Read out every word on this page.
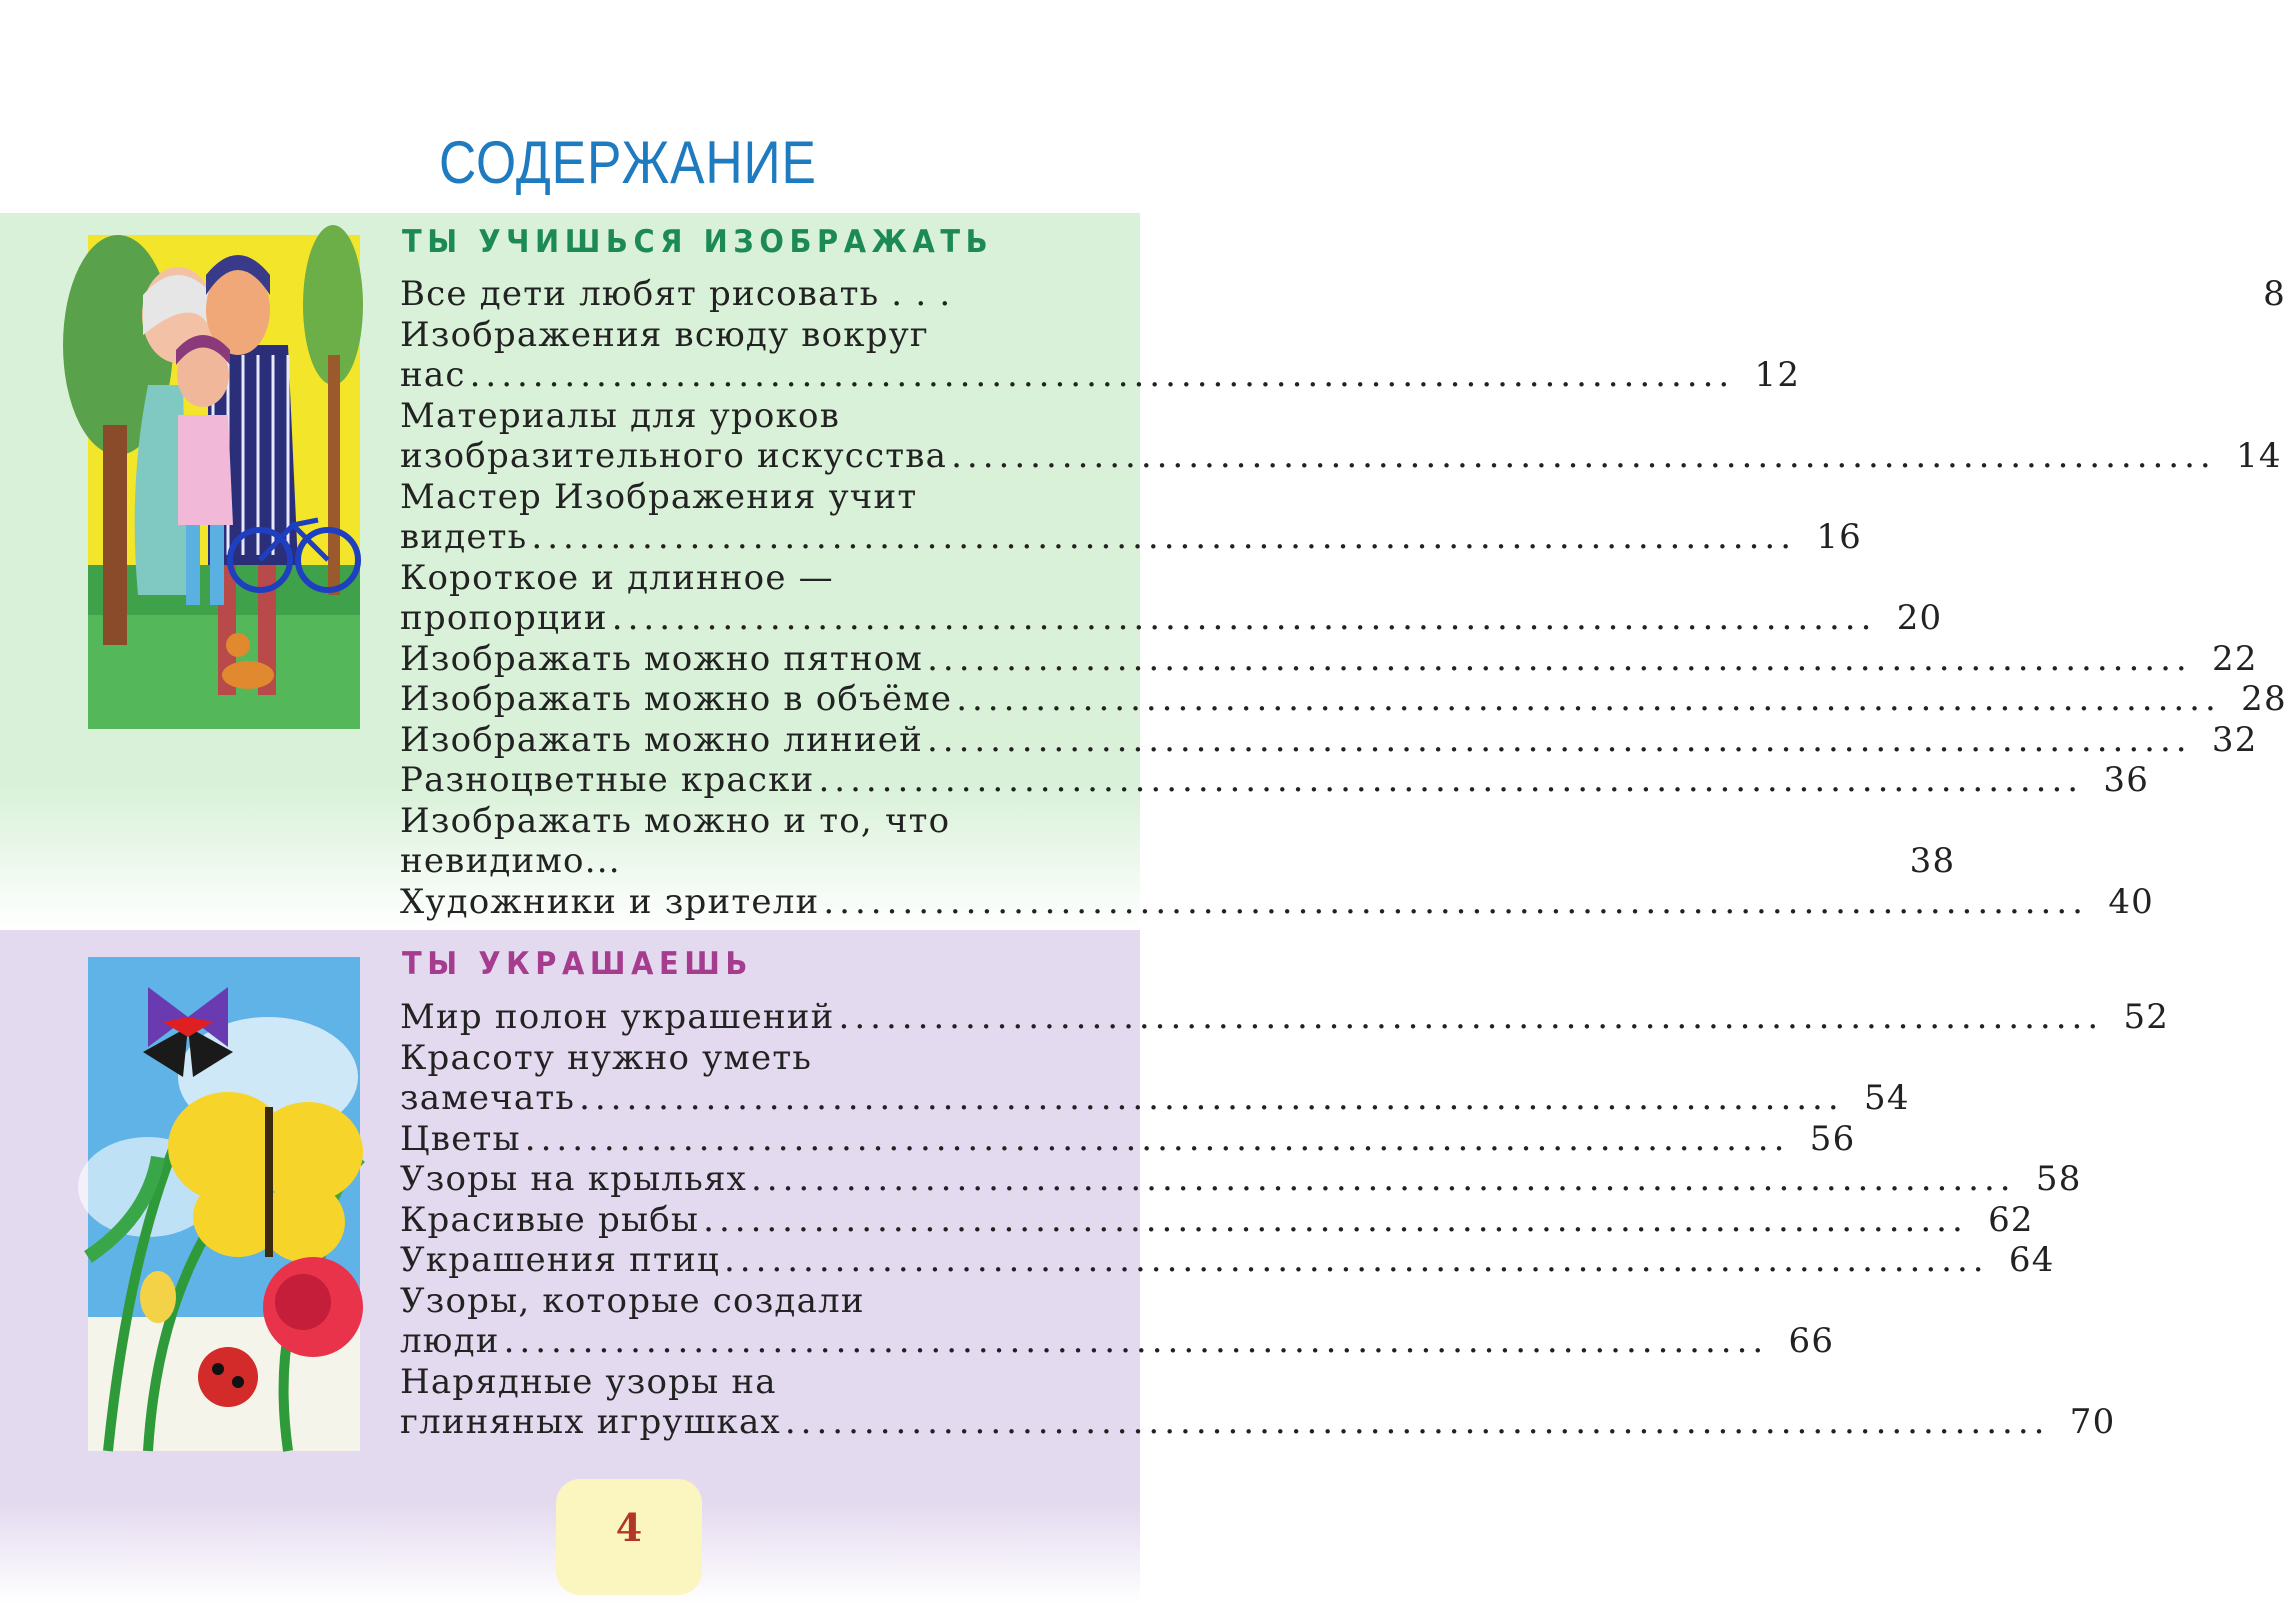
СОДЕРЖАНИЕ
ТЫ УЧИШЬСЯ ИЗОБРАЖАТЬ
Все дети любят рисовать . . .	8
Изображения всюду вокруг
нас ................................................................................ 12
Материалы для уроков
изобразительного искусства ................................................................................ 14
Мастер Изображения учит
видеть ................................................................................ 16
Короткое и длинное —
пропорции ................................................................................ 20
Изображать можно пятном ................................................................................ 22
Изображать можно в объёме ................................................................................ 28
Изображать можно линией ................................................................................ 32
Разноцветные краски ................................................................................ 36
Изображать можно и то, что
невидимо...	38
Художники и зрители ................................................................................ 40
ТЫ УКРАШАЕШЬ
Мир полон украшений ................................................................................ 52
Красоту нужно уметь
замечать ................................................................................ 54
Цветы ................................................................................ 56
Узоры на крыльях ................................................................................ 58
Красивые рыбы ................................................................................ 62
Украшения птиц ................................................................................ 64
Узоры, которые создали
люди ................................................................................ 66
Нарядные узоры на
глиняных игрушках ................................................................................ 70
4
